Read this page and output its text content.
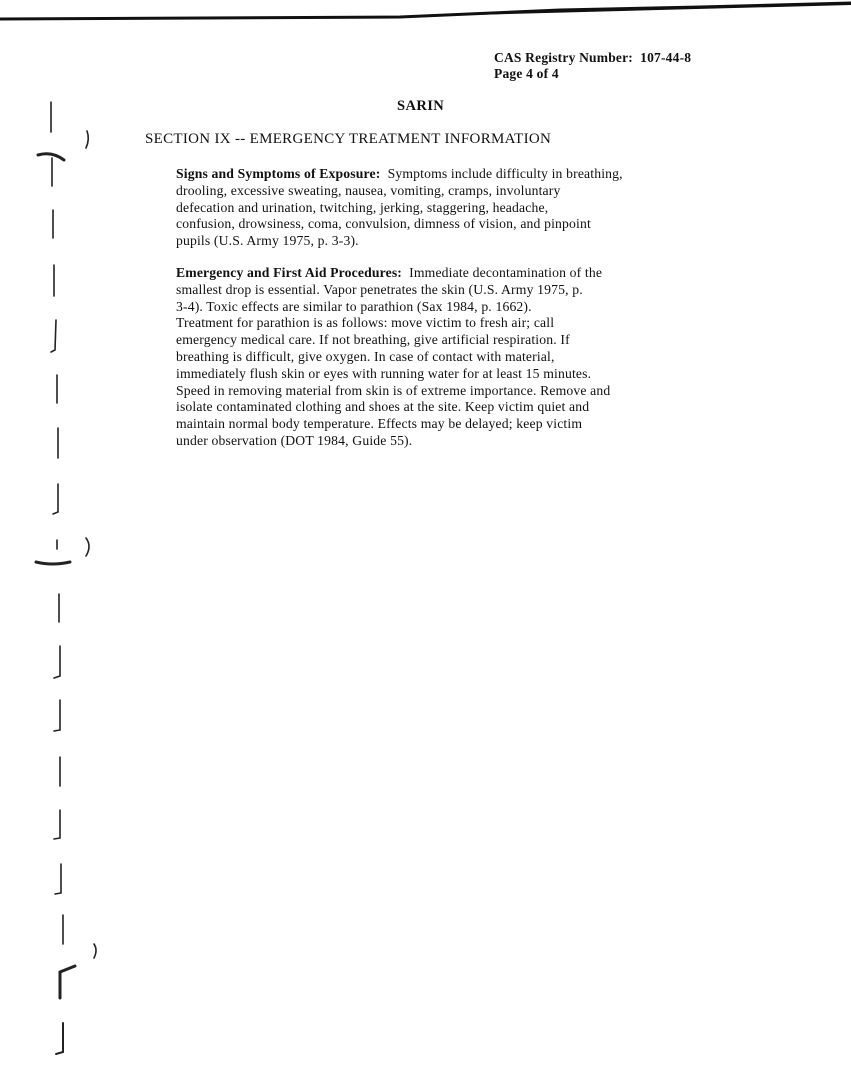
CAS Registry Number: 107-44-8
Page 4 of 4
SARIN
SECTION IX -- EMERGENCY TREATMENT INFORMATION
Signs and Symptoms of Exposure: Symptoms include difficulty in breathing,
drooling, excessive sweating, nausea, vomiting, cramps, involuntary
defecation and urination, twitching, jerking, staggering, headache,
confusion, drowsiness, coma, convulsion, dimness of vision, and pinpoint
pupils (U.S. Army 1975, p. 3-3).
Emergency and First Aid Procedures: Immediate decontamination of the
smallest drop is essential. Vapor penetrates the skin (U.S. Army 1975, p.
3-4). Toxic effects are similar to parathion (Sax 1984, p. 1662).
Treatment for parathion is as follows: move victim to fresh air; call
emergency medical care. If not breathing, give artificial respiration. If
breathing is difficult, give oxygen. In case of contact with material,
immediately flush skin or eyes with running water for at least 15 minutes.
Speed in removing material from skin is of extreme importance. Remove and
isolate contaminated clothing and shoes at the site. Keep victim quiet and
maintain normal body temperature. Effects may be delayed; keep victim
under observation (DOT 1984, Guide 55).
